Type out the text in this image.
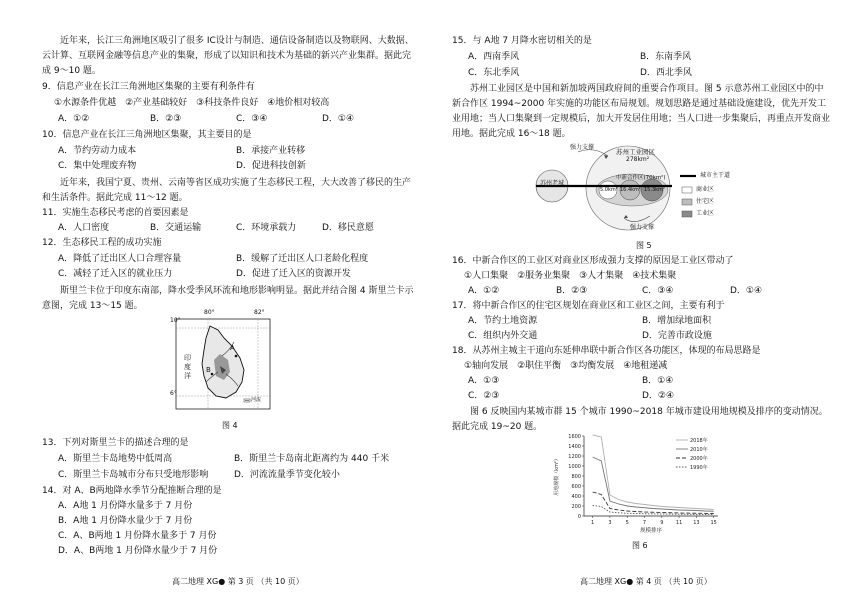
近年来，长江三角洲地区吸引了很多 IC设计与制造、通信设备制造以及物联网、大数据、云计算、互联网金融等信息产业的集聚，形成了以知识和技术为基础的新兴产业集群。据此完成 9～10 题。
9．信息产业在长江三角洲地区集聚的主要有利条件有
①水源条件优越　②产业基础较好　③科技条件良好　④地价相对较高
A．①②	B．②③	C．③④	D．①④
10．信息产业在长江三角洲地区集聚，其主要目的是
A．节约劳动力成本	B．承接产业转移
C．集中处理废弃物	D．促进科技创新
近年来，我国宁夏、贵州、云南等省区成功实施了生态移民工程，大大改善了移民的生产和生活条件。据此完成 11～12 题。
11．实施生态移民考虑的首要因素是
A．人口密度	B．交通运输	C．环境承载力	D．移民意愿
12．生态移民工程的成功实施
A．降低了迁出区人口合理容量	B．缓解了迁出区人口老龄化程度
C．减轻了迁入区的就业压力	D．促进了迁入区的资源开发
斯里兰卡位于印度东南部，降水受季风环流和地形影响明显。据此并结合图 4 斯里兰卡示意图，完成 13～15 题。
10°
6°
80°	82°
印度洋
A
B
河流
图 4
13．下列对斯里兰卡的描述合理的是
A．斯里兰卡岛地势中低周高	B．斯里兰卡岛南北距离约为 440 千米
C．斯里兰卡岛城市分布只受地形影响	D．河流流量季节变化较小
14．对 A、B两地降水季节分配推断合理的是
A．A地 1 月份降水量多于 7 月份
B．A地 1 月份降水量少于 7 月份
C．A、B两地 1 月份降水量多于 7 月份
D．A、B两地 1 月份降水量少于 7 月份
高二地理 XG● 第 3 页 （共 10 页）
15．与 A地 7 月降水密切相关的是
A．西南季风	B．东南季风
C．东北季风	D．西北季风
苏州工业园区是中国和新加坡两国政府间的重要合作项目。图 5 示意苏州工业园区中的中新合作区 1994~2000 年实施的功能区布局规划。规划思路是通过基础设施建设，优先开发工业用地；当人口集聚到一定规模后，加大开发居住用地；当人口进一步集聚后，再重点开发商业用地。据此完成 16～18 题。
苏州老城
苏州工业园区
278km²
中新合作区(70km²)
强力支撑
强力支撑
5.0km² 16.4km² 15.3km²
城市主干道
商业区
住宅区
工业区
图 5
16．中新合作区的工业区对商业区形成强力支撑的原因是工业区带动了
①人口集聚　②服务业集聚　③人才集聚　④技术集聚
A．①②	B．②③	C．③④	D．①④
17．将中新合作区的住宅区规划在商业区和工业区之间，主要有利于
A．节约土地资源	B．增加绿地面积
C．组织内外交通	D．完善市政设施
18．从苏州主城主干道向东延伸串联中新合作区各功能区，体现的布局思路是
①轴向发展　②职住平衡　③均衡发展　④地租递减
A．①③	B．①④
C．②③	D．②④
图 6 反映国内某城市群 15 个城市 1990~2018 年城市建设用地规模及排序的变动情况。据此完成 19~20 题。
0
200
400
600
800
1000
1200
1400
1600
1	3	5	7	9	11 13 15
规模排序
用地规模（km²）
2018年
2010年
2000年
1990年
图 6
高二地理 XG● 第 4 页 （共 10 页）
